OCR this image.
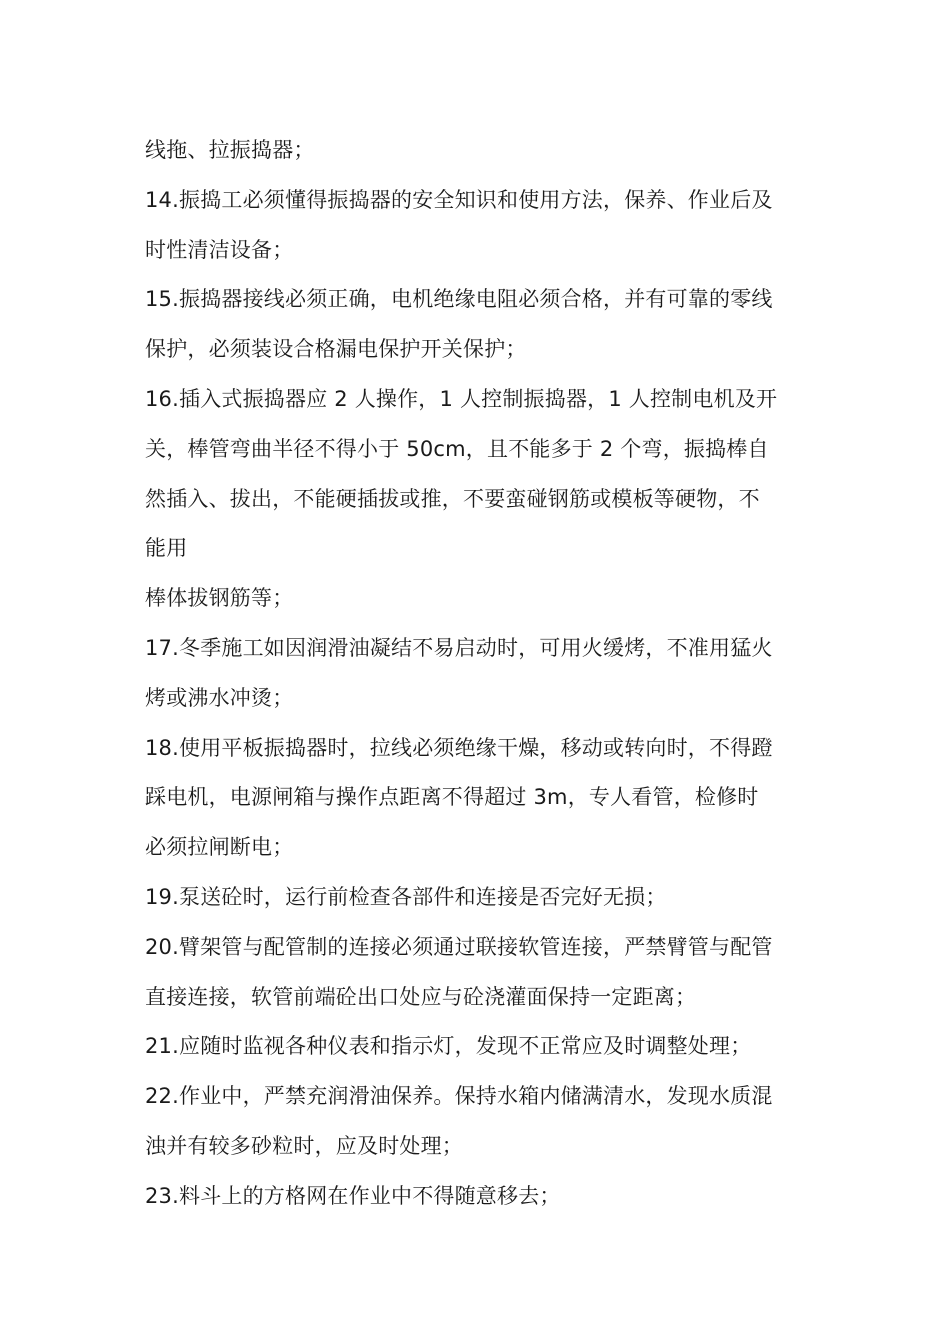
线拖、拉振捣器；
14.振捣工必须懂得振捣器的安全知识和使用方法，保养、作业后及
时性清洁设备；
15.振捣器接线必须正确，电机绝缘电阻必须合格，并有可靠的零线
保护，必须装设合格漏电保护开关保护；
16.插入式振捣器应 2 人操作，1 人控制振捣器，1 人控制电机及开
关，棒管弯曲半径不得小于 50cm，且不能多于 2 个弯，振捣棒自
然插入、拔出，不能硬插拔或推，不要蛮碰钢筋或模板等硬物，不
能用
棒体拔钢筋等；
17.冬季施工如因润滑油凝结不易启动时，可用火缓烤，不准用猛火
烤或沸水冲烫；
18.使用平板振捣器时，拉线必须绝缘干燥，移动或转向时，不得蹬
踩电机，电源闸箱与操作点距离不得超过 3m，专人看管，检修时
必须拉闸断电；
19.泵送砼时，运行前检查各部件和连接是否完好无损；
20.臂架管与配管制的连接必须通过联接软管连接，严禁臂管与配管
直接连接，软管前端砼出口处应与砼浇灌面保持一定距离；
21.应随时监视各种仪表和指示灯，发现不正常应及时调整处理；
22.作业中，严禁充润滑油保养。保持水箱内储满清水，发现水质混
浊并有较多砂粒时，应及时处理；
23.料斗上的方格网在作业中不得随意移去；
